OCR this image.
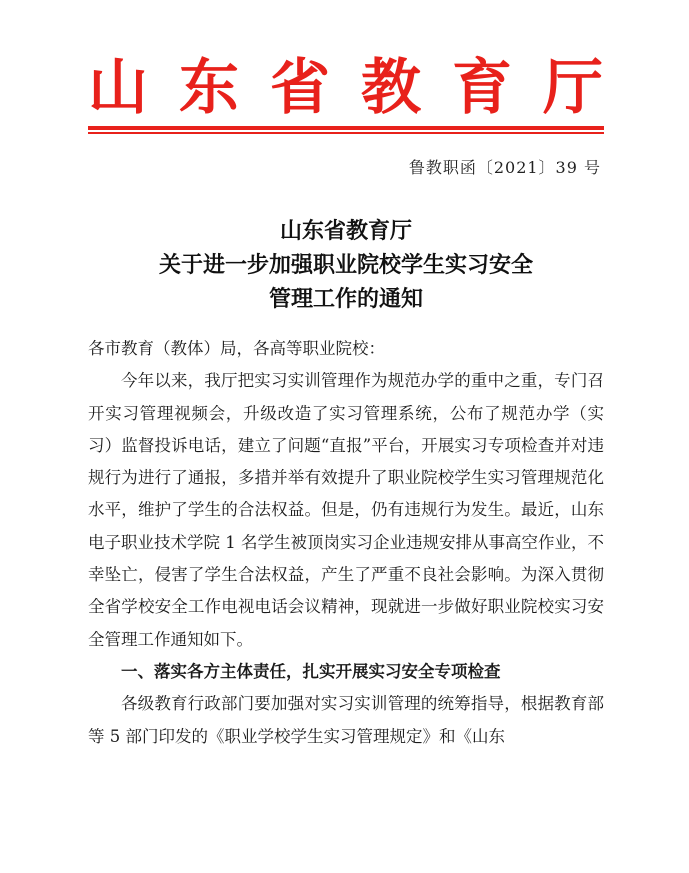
山 东 省 教 育 厅
鲁教职函〔2021〕39 号
山东省教育厅
关于进一步加强职业院校学生实习安全
管理工作的通知

各市教育（教体）局，各高等职业院校：

今年以来，我厅把实习实训管理作为规范办学的重中之重，专门召开实习管理视频会，升级改造了实习管理系统，公布了规范办学（实习）监督投诉电话，建立了问题“直报”平台，开展实习专项检查并对违规行为进行了通报，多措并举有效提升了职业院校学生实习管理规范化水平，维护了学生的合法权益。但是，仍有违规行为发生。最近，山东电子职业技术学院 1 名学生被顶岗实习企业违规安排从事高空作业，不幸坠亡，侵害了学生合法权益，产生了严重不良社会影响。为深入贯彻全省学校安全工作电视电话会议精神，现就进一步做好职业院校实习安全管理工作通知如下。

一、落实各方主体责任，扎实开展实习安全专项检查

各级教育行政部门要加强对实习实训管理的统筹指导，根据教育部等 5 部门印发的《职业学校学生实习管理规定》和《山东
